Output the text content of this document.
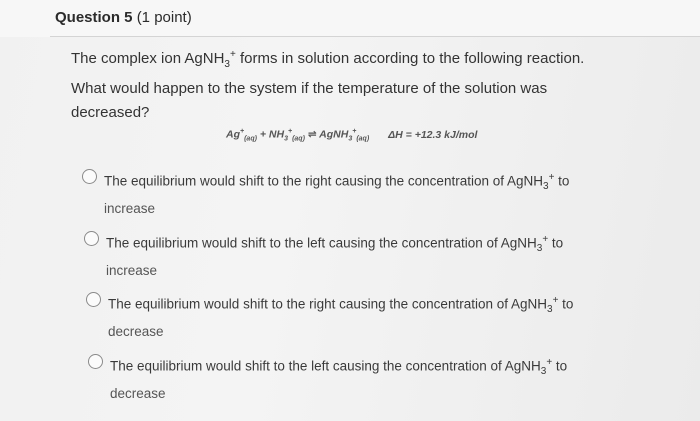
Question 5 (1 point)

The complex ion AgNH$_3$+ forms in solution according to the following reaction.

What would happen to the system if the temperature of the solution was

decreased?

$Ag^+_{(aq)} + NH_3^+_{(aq)}$ ⇌ AgNH$_3$+$_{(aq)}$ ΔH = +12.3 kJ/mol
The equilibrium would shift to the right causing the concentration of AgNH$_3$+ to
increase
The equilibrium would shift to the left causing the concentration of AgNH$_3$+ to
increase
The equilibrium would shift to the right causing the concentration of AgNH$_3$+ to
decrease
The equilibrium would shift to the left causing the concentration of AgNH$_3$+ to
decrease
